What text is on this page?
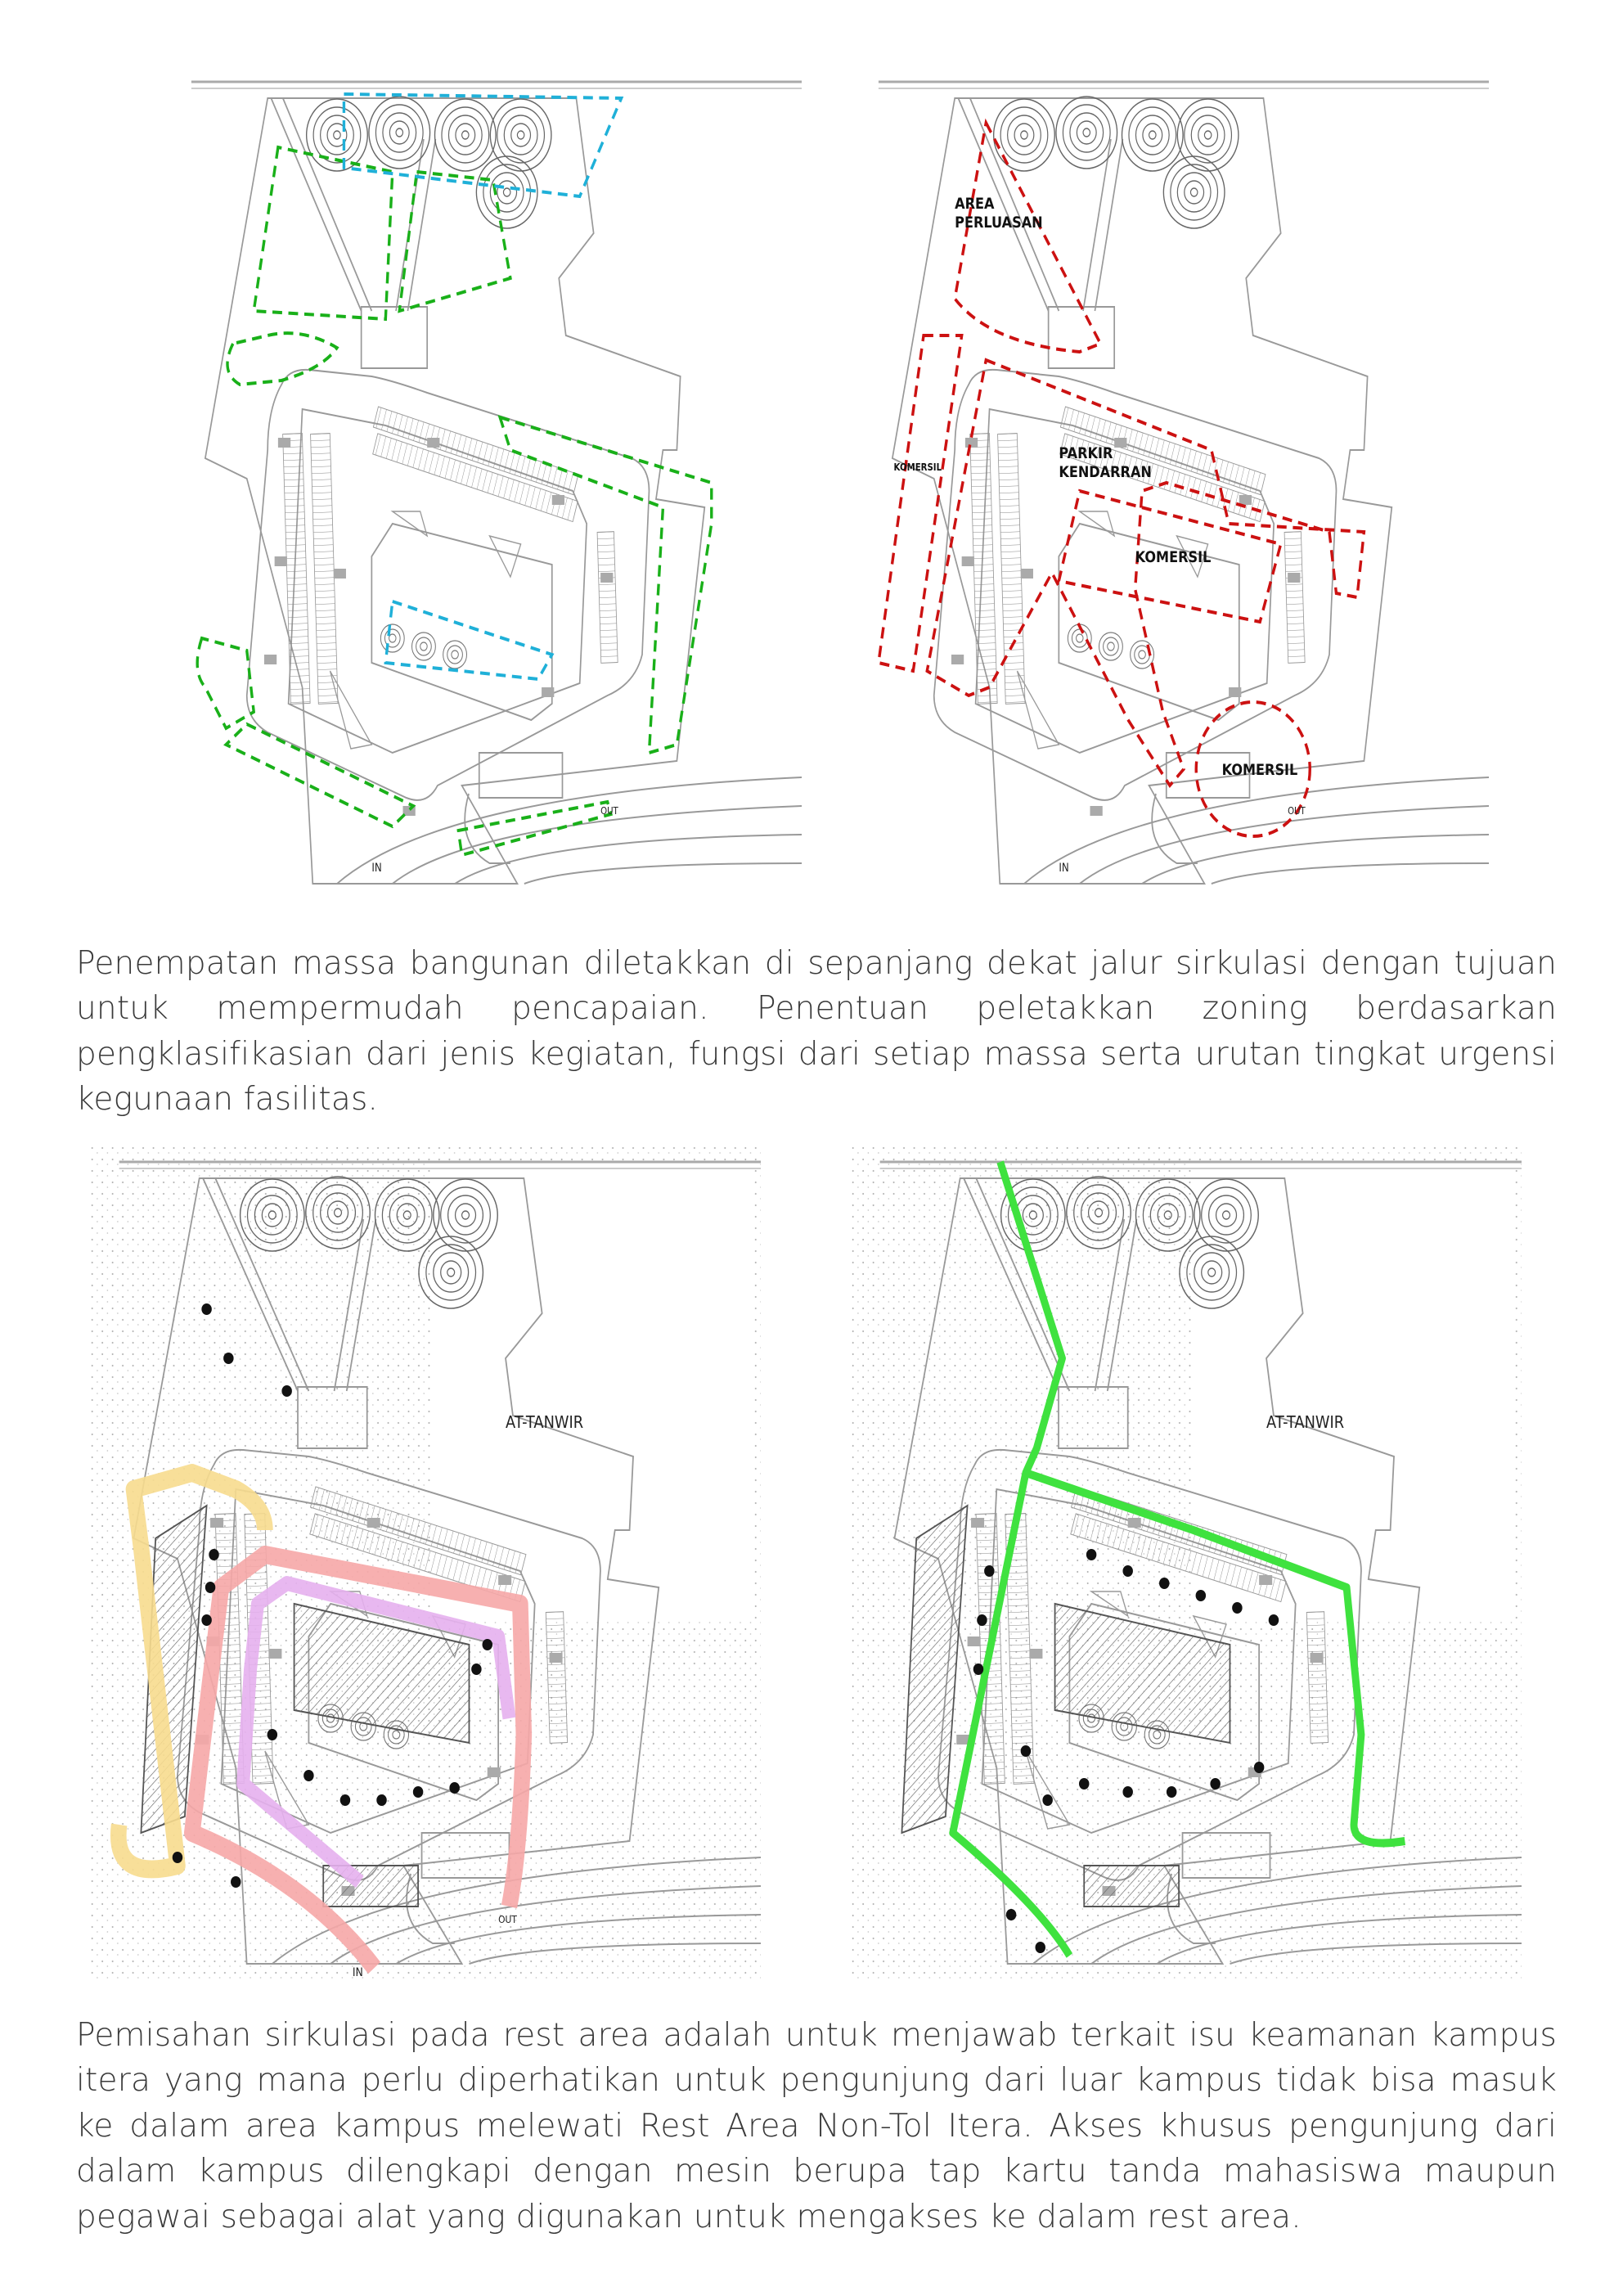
IN
OUT
AREA PERLUASAN
PARKIR KENDARRAN
KOMERSIL
KOMERSIL
KOMERSIL
IN
OUT

Penempatan massa bangunan diletakkan di sepanjang dekat jalur sirkulasi dengan tujuan untuk mempermudah pencapaian. Penentuan peletakkan zoning berdasarkan pengklasifikasian dari jenis kegiatan, fungsi dari setiap massa serta urutan tingkat urgensi kegunaan fasilitas.

AT-TANWIR
IN
OUT
AT-TANWIR

Pemisahan sirkulasi pada rest area adalah untuk menjawab terkait isu keamanan kampus itera yang mana perlu diperhatikan untuk pengunjung dari luar kampus tidak bisa masuk ke dalam area kampus melewati Rest Area Non-Tol Itera. Akses khusus pengunjung dari dalam kampus dilengkapi dengan mesin berupa tap kartu tanda mahasiswa maupun pegawai sebagai alat yang digunakan untuk mengakses ke dalam rest area.
